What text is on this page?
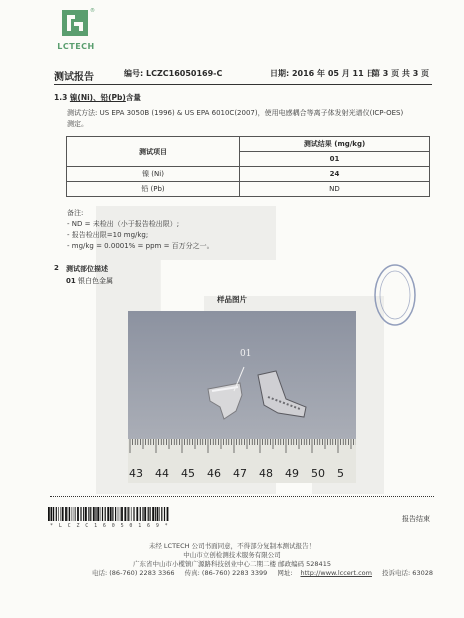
®
LCTECH
测试报告	编号: LCZC16050169-C	日期: 2016 年 05 月 11 日
第 3 页 共 3 页
1.3 镍(Ni)、铅(Pb)含量
测试方法: US EPA 3050B (1996) & US EPA 6010C(2007)，使用电感耦合等离子体发射光谱仪(ICP-OES)
测定。
测试项目	测试结果 (mg/kg)
	01
镍 (Ni)	24
铅 (Pb)	ND
备注:
- ND = 未检出（小于报告检出限）;
- 报告检出限=10 mg/kg;
- mg/kg = 0.0001% = ppm = 百万分之一。
2 测试部位描述
01 银白色金属
样品图片
01
43 44 45 46 47 48 49 50 5
* L C Z C 1 6 0 5 0 1 6 9 *
报告结束
未经 LCTECH 公司书面同意，不得部分复制本测试报告！
中山市立创检测技术服务有限公司
广东省中山市小榄镇广源路科技创业中心二期二楼 邮政编码 528415
电话: (86-760) 2283 3366 传真: (86-760) 2283 3399 网址: http://www.lccert.com 投诉电话: 63028
